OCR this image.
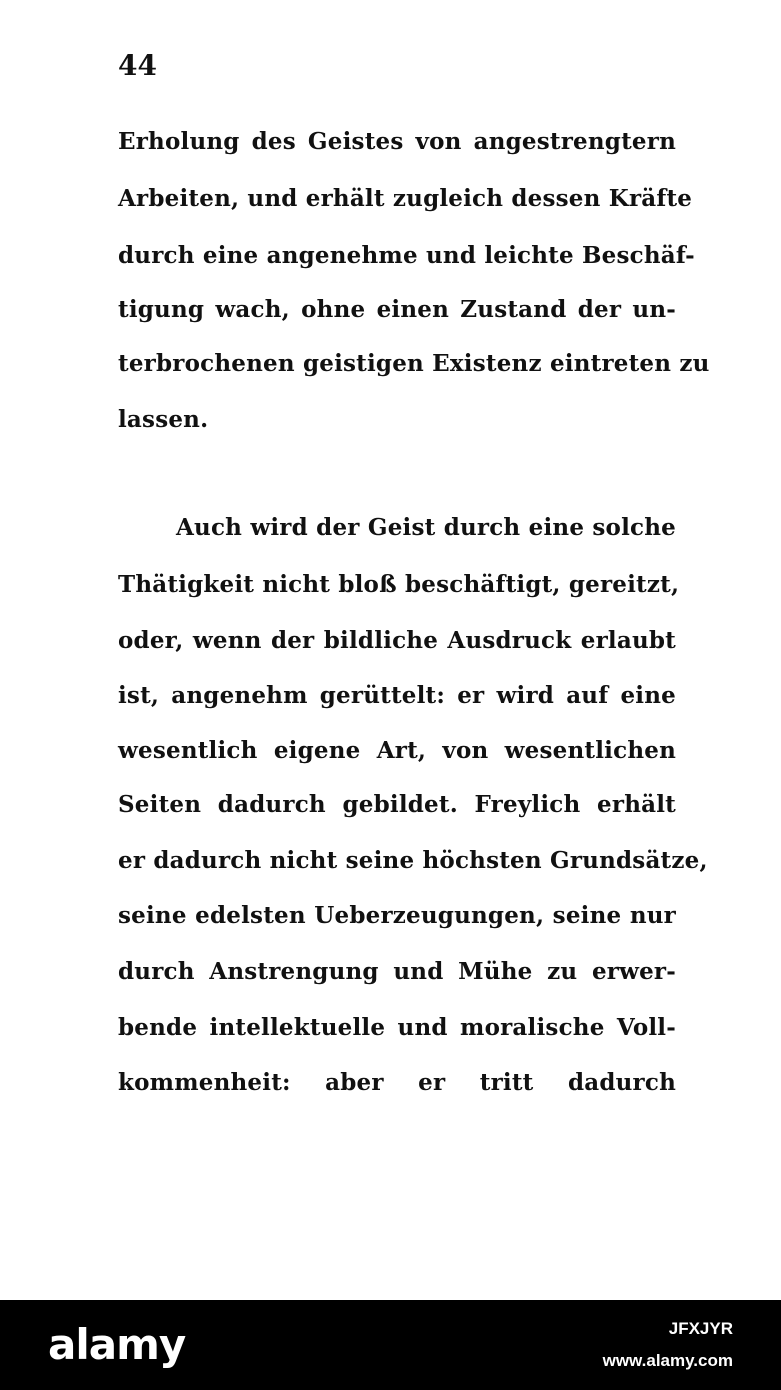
44
Erholung des Geistes von angestrengtern
Arbeiten, und erhält zugleich dessen Kräfte
durch eine angenehme und leichte Beschäf-
tigung wach, ohne einen Zustand der un-
terbrochenen geistigen Existenz eintreten zu
lassen.
Auch wird der Geist durch eine solche
Thätigkeit nicht bloß beschäftigt, gereitzt,
oder, wenn der bildliche Ausdruck erlaubt
ist, angenehm gerüttelt: er wird auf eine
wesentlich eigene Art, von wesentlichen
Seiten dadurch gebildet. Freylich erhält
er dadurch nicht seine höchsten Grundsätze,
seine edelsten Ueberzeugungen, seine nur
durch Anstrengung und Mühe zu erwer-
bende intellektuelle und moralische Voll-
kommenheit: aber er tritt dadurch
alamy	JFXJYR
www.alamy.com
